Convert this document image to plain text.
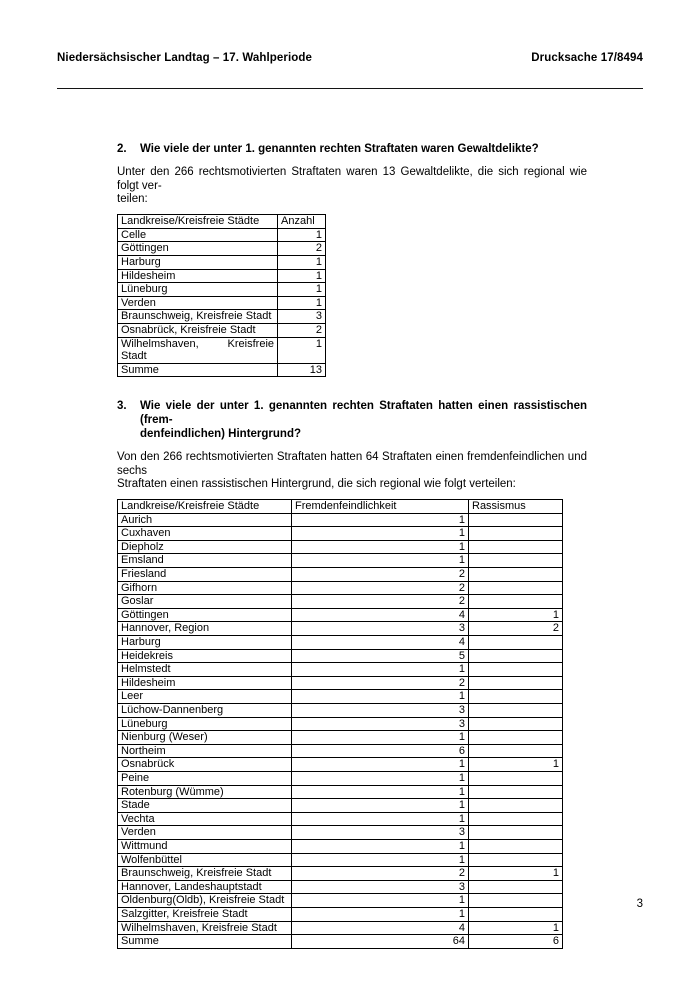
Niedersächsischer Landtag – 17. Wahlperiode	Drucksache 17/8494
2.	Wie viele der unter 1. genannten rechten Straftaten waren Gewaltdelikte?
Unter den 266 rechtsmotivierten Straftaten waren 13 Gewaltdelikte, die sich regional wie folgt ver-
teilen:
Landkreise/Kreisfreie Städte	Anzahl
Celle	1
Göttingen	2
Harburg	1
Hildesheim	1
Lüneburg	1
Verden	1
Braunschweig, Kreisfreie Stadt	3
Osnabrück, Kreisfreie Stadt	2
Wilhelmshaven, Kreisfreie Stadt	1
Summe	13
3.	Wie viele der unter 1. genannten rechten Straftaten hatten einen rassistischen (frem-
denfeindlichen) Hintergrund?
Von den 266 rechtsmotivierten Straftaten hatten 64 Straftaten einen fremdenfeindlichen und sechs
Straftaten einen rassistischen Hintergrund, die sich regional wie folgt verteilen:
Landkreise/Kreisfreie Städte	Fremdenfeindlichkeit	Rassismus
Aurich	1	
Cuxhaven	1	
Diepholz	1	
Emsland	1	
Friesland	2	
Gifhorn	2	
Goslar	2	
Göttingen	4	1
Hannover, Region	3	2
Harburg	4	
Heidekreis	5	
Helmstedt	1	
Hildesheim	2	
Leer	1	
Lüchow-Dannenberg	3	
Lüneburg	3	
Nienburg (Weser)	1	
Northeim	6	
Osnabrück	1	1
Peine	1	
Rotenburg (Wümme)	1	
Stade	1	
Vechta	1	
Verden	3	
Wittmund	1	
Wolfenbüttel	1	
Braunschweig, Kreisfreie Stadt	2	1
Hannover, Landeshauptstadt	3	
Oldenburg(Oldb), Kreisfreie Stadt	1	
Salzgitter, Kreisfreie Stadt	1	
Wilhelmshaven, Kreisfreie Stadt	4	1
Summe	64	6
3
